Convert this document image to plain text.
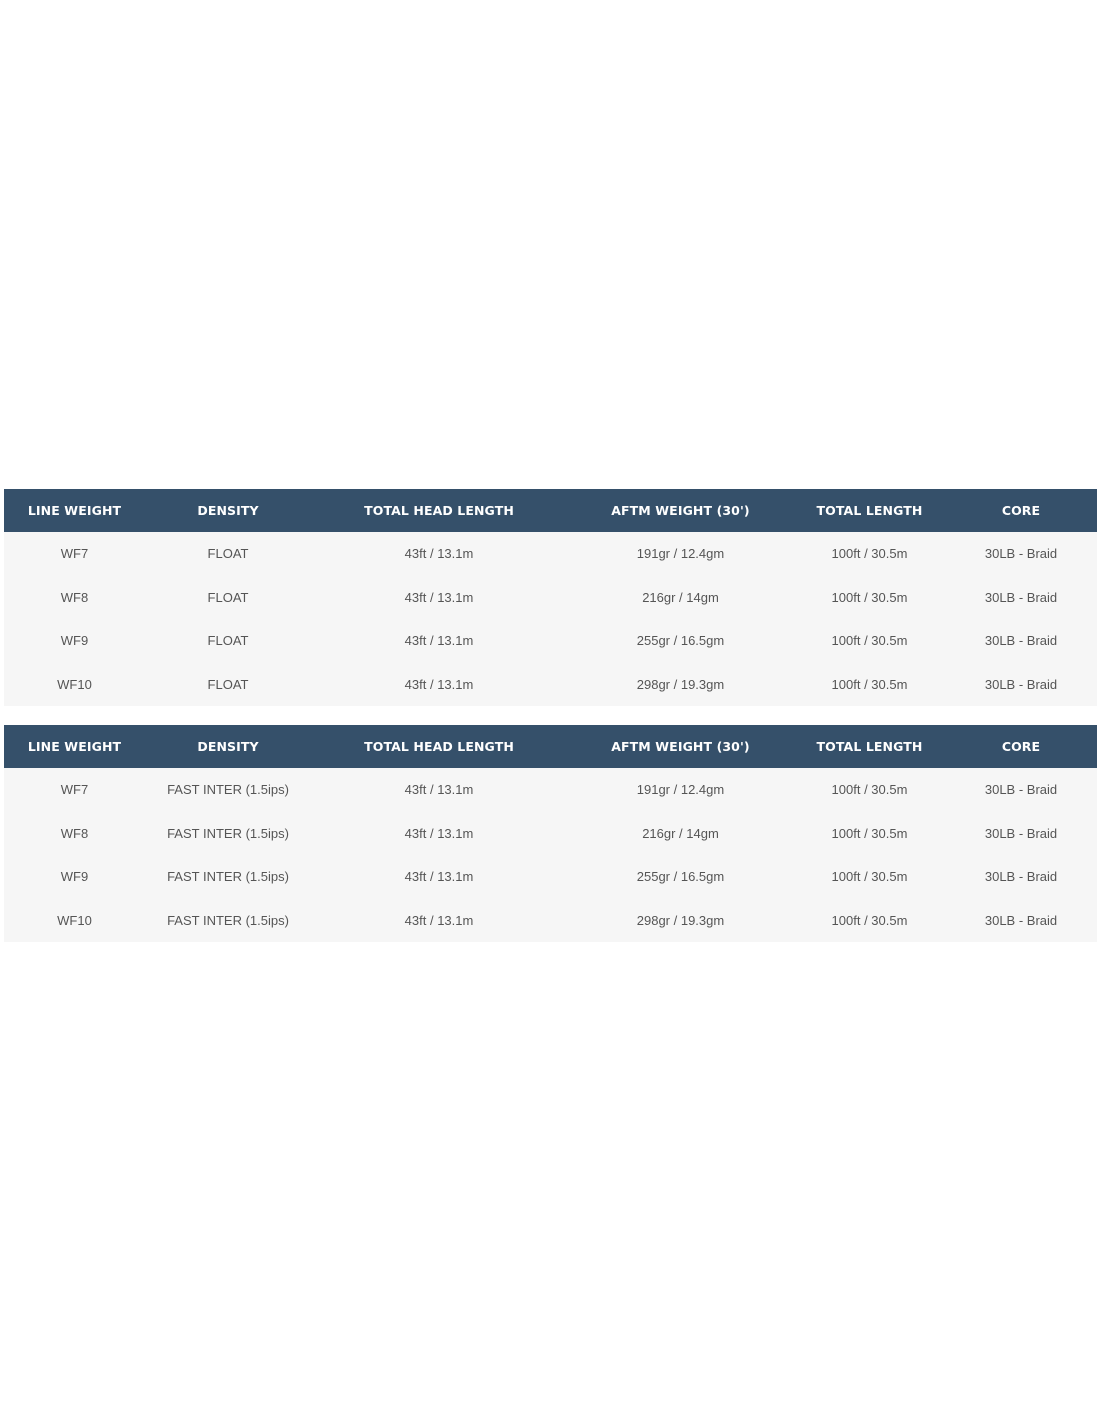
LINE WEIGHT	DENSITY	TOTAL HEAD LENGTH	AFTM WEIGHT (30')	TOTAL LENGTH	CORE
WF7	FLOAT	43ft / 13.1m	191gr / 12.4gm	100ft / 30.5m	30LB - Braid
WF8	FLOAT	43ft / 13.1m	216gr / 14gm	100ft / 30.5m	30LB - Braid
WF9	FLOAT	43ft / 13.1m	255gr / 16.5gm	100ft / 30.5m	30LB - Braid
WF10	FLOAT	43ft / 13.1m	298gr / 19.3gm	100ft / 30.5m	30LB - Braid
LINE WEIGHT	DENSITY	TOTAL HEAD LENGTH	AFTM WEIGHT (30')	TOTAL LENGTH	CORE
WF7	FAST INTER (1.5ips)	43ft / 13.1m	191gr / 12.4gm	100ft / 30.5m	30LB - Braid
WF8	FAST INTER (1.5ips)	43ft / 13.1m	216gr / 14gm	100ft / 30.5m	30LB - Braid
WF9	FAST INTER (1.5ips)	43ft / 13.1m	255gr / 16.5gm	100ft / 30.5m	30LB - Braid
WF10	FAST INTER (1.5ips)	43ft / 13.1m	298gr / 19.3gm	100ft / 30.5m	30LB - Braid
